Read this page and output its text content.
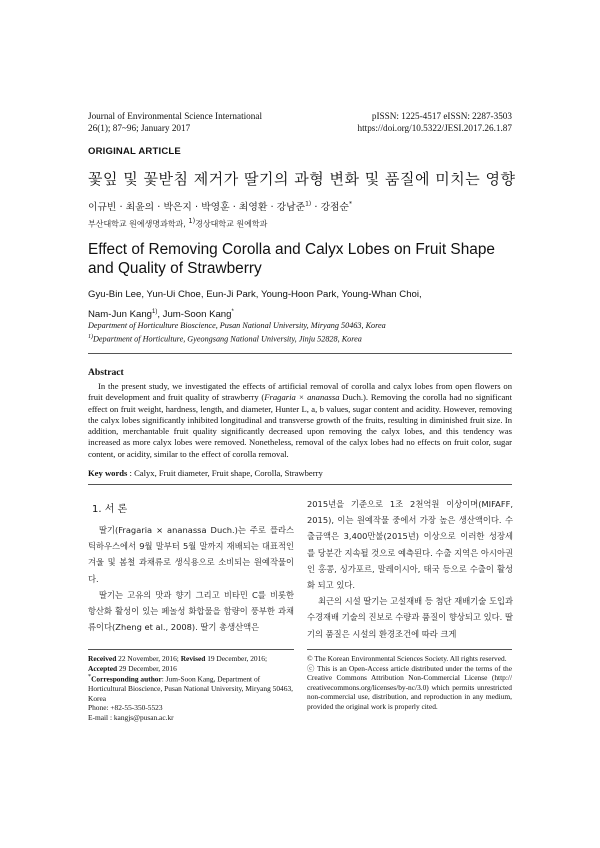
Journal of Environmental Science International
26(1); 87~96; January 2017
pISSN: 1225-4517 eISSN: 2287-3503
https://doi.org/10.5322/JESI.2017.26.1.87
ORIGINAL ARTICLE
꽃잎 및 꽃받침 제거가 딸기의 과형 변화 및 품질에 미치는 영향
이규빈 · 최윤의 · 박은지 · 박영훈 · 최영환 · 강남준$^{1)}$ · 강점순*
부산대학교 원예생명과학과, $^{1)}$경상대학교 원예학과
Effect of Removing Corolla and Calyx Lobes on Fruit Shape and Quality of Strawberry
Gyu-Bin Lee, Yun-Ui Choe, Eun-Ji Park, Young-Hoon Park, Young-Whan Choi,
Nam-Jun Kang$^{1)}$, Jum-Soon Kang*
Department of Horticulture Bioscience, Pusan National University, Miryang 50463, Korea
$^{1)}$Department of Horticulture, Gyeongsang National University, Jinju 52828, Korea
Abstract
In the present study, we investigated the effects of artificial removal of corolla and calyx lobes from open flowers on fruit development and fruit quality of strawberry (Fragaria × ananassa Duch.). Removing the corolla had no significant effect on fruit weight, hardness, length, and diameter, Hunter L, a, b values, sugar content and acidity. However, removing the calyx lobes significantly inhibited longitudinal and transverse growth of the fruits, resulting in diminished fruit size. In addition, merchantable fruit quality significantly decreased upon removing the calyx lobes, and this tendency was increased as more calyx lobes were removed. Nonetheless, removal of the calyx lobes had no effects on fruit color, sugar content, or acidity, similar to the effect of corolla removal.
Key words : Calyx, Fruit diameter, Fruit shape, Corolla, Strawberry
1. 서 론

딸기(Fragaria × ananassa Duch.)는 주로 플라스틱하우스에서 9월 말부터 5월 말까지 재배되는 대표적인 겨울 및 봄철 과채류로 생식용으로 소비되는 원예작물이다.

딸기는 고유의 맛과 향기 그리고 비타민 C를 비롯한 항산화 활성이 있는 페놀성 화합물을 함량이 풍부한 과채류이다(Zheng et al., 2008). 딸기 총생산액은

2015년을 기준으로 1조 2천억원 이상이며(MIFAFF, 2015), 이는 원예작물 중에서 가장 높은 생산액이다. 수출금액은 3,400만불(2015년) 이상으로 이러한 성장세를 당분간 지속될 것으로 예측된다. 수출 지역은 아시아권인 홍콩, 싱가포르, 말레이시아, 태국 등으로 수출이 활성화 되고 있다.

최근의 시설 딸기는 고설재배 등 첨단 재배기술 도입과 수경재배 기술의 진보로 수량과 품질이 향상되고 있다. 딸기의 품질은 시설의 환경조건에 따라 크게

Received 22 November, 2016; Revised 19 December, 2016;
Accepted 29 December, 2016
*Corresponding author: Jum-Soon Kang, Department of Horticultural Bioscience, Pusan National University, Miryang 50463, Korea
Phone: +82-55-350-5523
E-mail : kangjs@pusan.ac.kr
© The Korean Environmental Sciences Society. All rights reserved.
ⓒ This is an Open-Access article distributed under the terms of the Creative Commons Attribution Non-Commercial License (http:// creativecommons.org/licenses/by-nc/3.0) which permits unrestricted non-commercial use, distribution, and reproduction in any medium, provided the original work is properly cited.
